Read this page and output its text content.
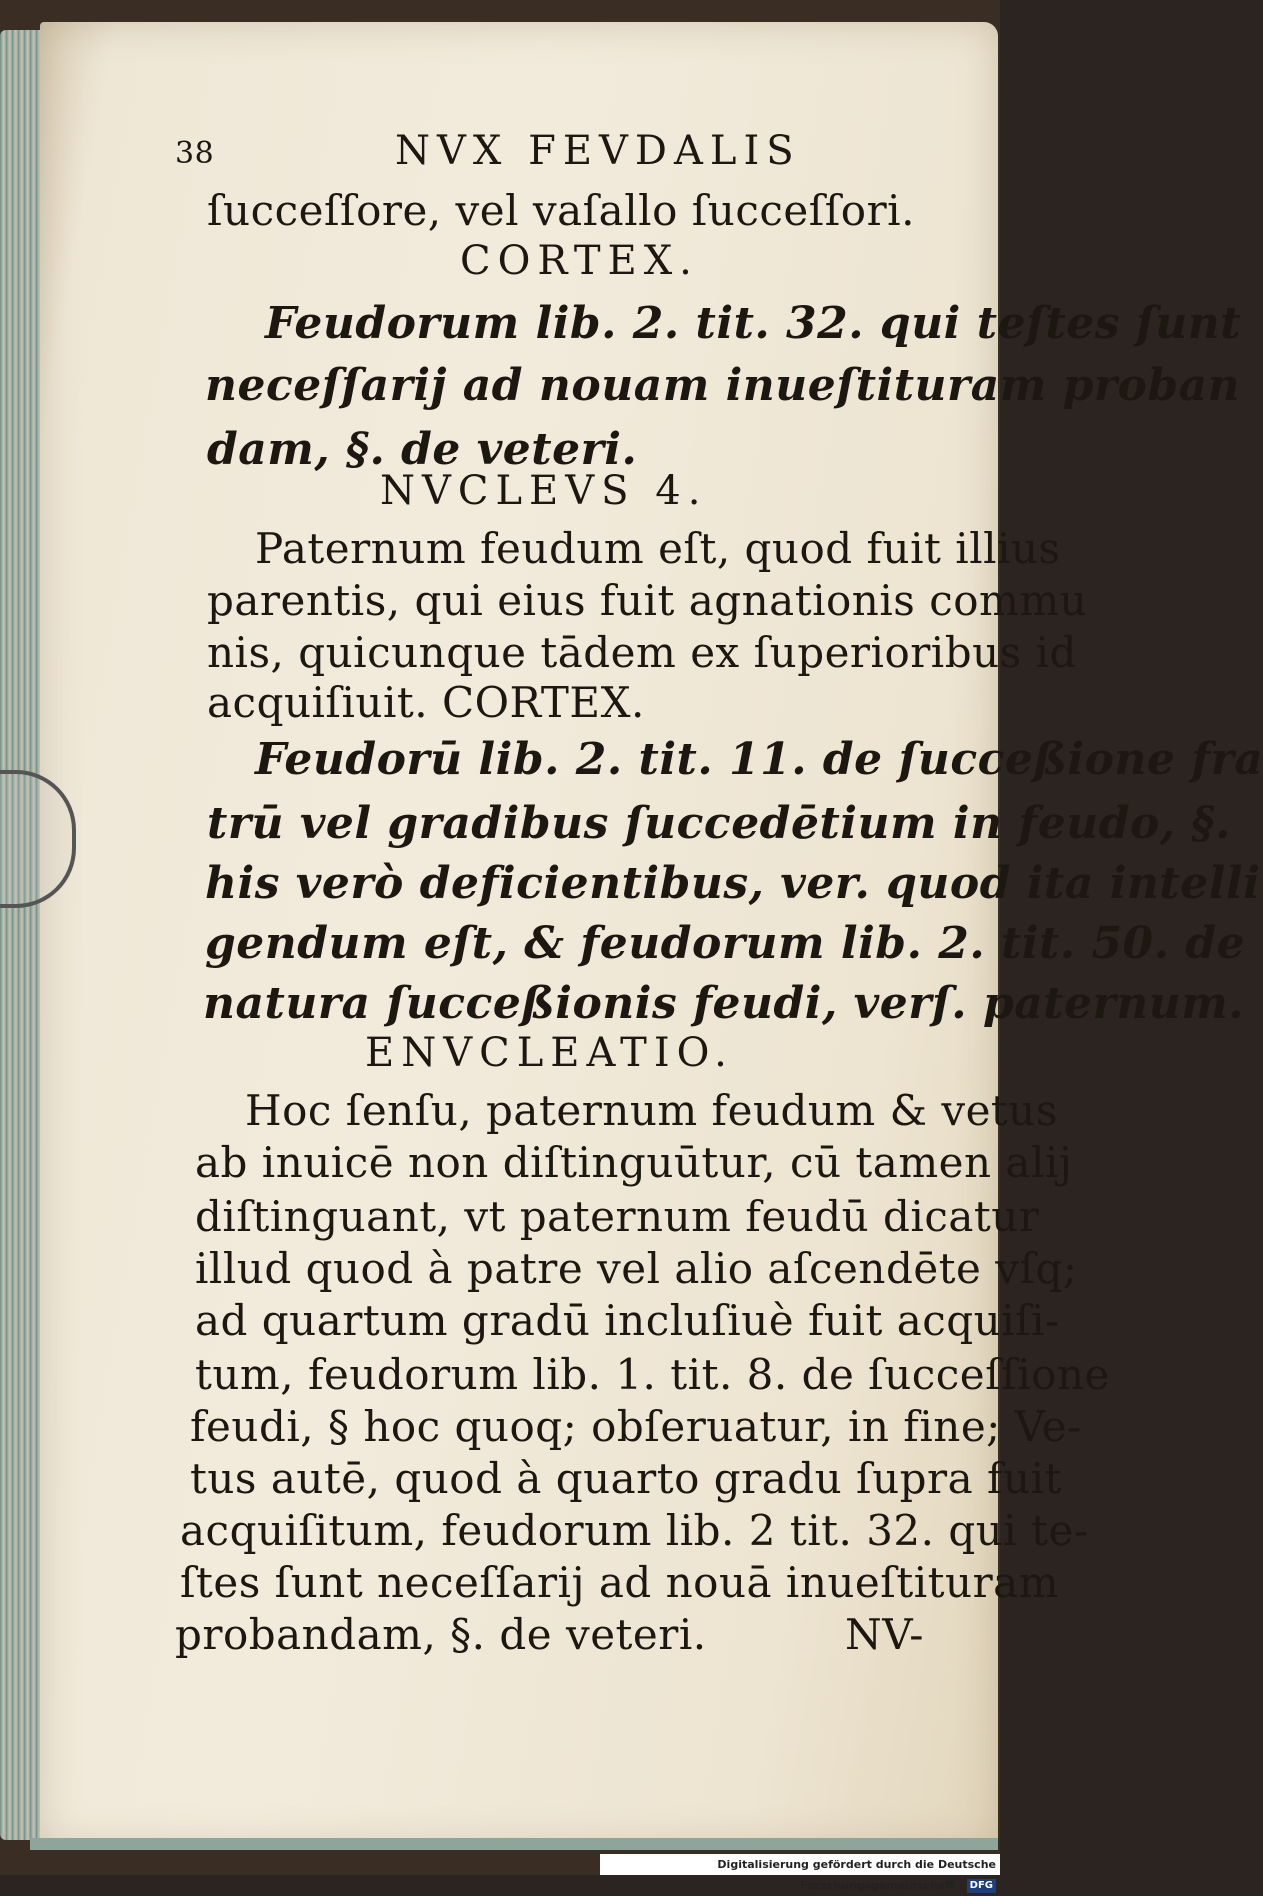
38	NVX FEVDALIS
ſucceſſore, vel vaſallo ſucceſſori.
CORTEX.
Feudorum lib. 2. tit. 32. qui teſtes ſunt
neceſſarij ad nouam inueſtituram proban
dam, §. de veteri.
NVCLEVS 4.
Paternum feudum eſt, quod fuit illius
parentis, qui eius fuit agnationis commu
nis, quicunque tādem ex ſuperioribus id
acquiſiuit. CORTEX.
Feudorū lib. 2. tit. 11. de ſucceßione fra
trū vel gradibus ſuccedētium in feudo, §.
his verò deficientibus, ver. quod ita intelli
gendum eſt, & feudorum lib. 2. tit. 50. de
natura ſucceßionis feudi, verſ. paternum.
ENVCLEATIO.
Hoc ſenſu, paternum feudum & vetus
ab inuicē non diſtinguūtur, cū tamen alij
diſtinguant, vt paternum feudū dicatur
illud quod à patre vel alio aſcendēte vſq;
ad quartum gradū incluſiuè fuit acquiſi-
tum, feudorum lib. 1. tit. 8. de ſucceſſione
feudi, § hoc quoq; obſeruatur, in fine; Ve-
tus autē, quod à quarto gradu ſupra fuit
acquiſitum, feudorum lib. 2 tit. 32. qui te-
ſtes ſunt neceſſarij ad nouā inueſtituram
probandam, §. de veteri.	NV-
Digitalisierung gefördert durch die Deutsche Forschungsgemeinschaft - DFG
